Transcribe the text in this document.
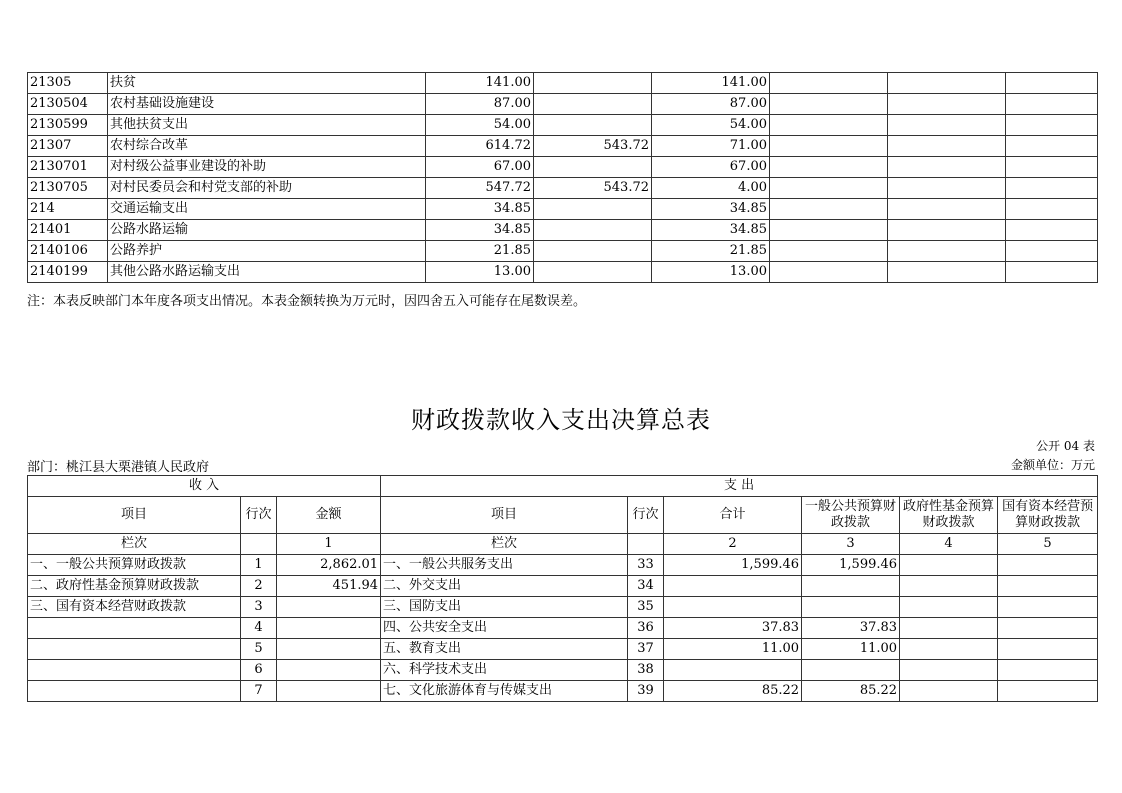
21305	扶贫	141.00		141.00			
2130504	农村基础设施建设	87.00		87.00			
2130599	其他扶贫支出	54.00		54.00			
21307	农村综合改革	614.72	543.72	71.00			
2130701	对村级公益事业建设的补助	67.00		67.00			
2130705	对村民委员会和村党支部的补助	547.72	543.72	4.00			
214	交通运输支出	34.85		34.85			
21401	公路水路运输	34.85		34.85			
2140106	公路养护	21.85		21.85			
2140199	其他公路水路运输支出	13.00		13.00			
注：本表反映部门本年度各项支出情况。本表金额转换为万元时，因四舍五入可能存在尾数误差。
财政拨款收入支出决算总表
公开 04 表
部门：桃江县大栗港镇人民政府	金额单位：万元
收 入			支 出					
项目	行次	金额	项目	行次	合计	一般公共预算财政拨款	政府性基金预算财政拨款	国有资本经营预算财政拨款
栏次		1	栏次		2	3	4	5
一、一般公共预算财政拨款	1	2,862.01	一、一般公共服务支出	33	1,599.46	1,599.46		
二、政府性基金预算财政拨款	2	451.94	二、外交支出	34				
三、国有资本经营财政拨款	3		三、国防支出	35				
	4		四、公共安全支出	36	37.83	37.83		
	5		五、教育支出	37	11.00	11.00		
	6		六、科学技术支出	38				
	7		七、文化旅游体育与传媒支出	39	85.22	85.22		
